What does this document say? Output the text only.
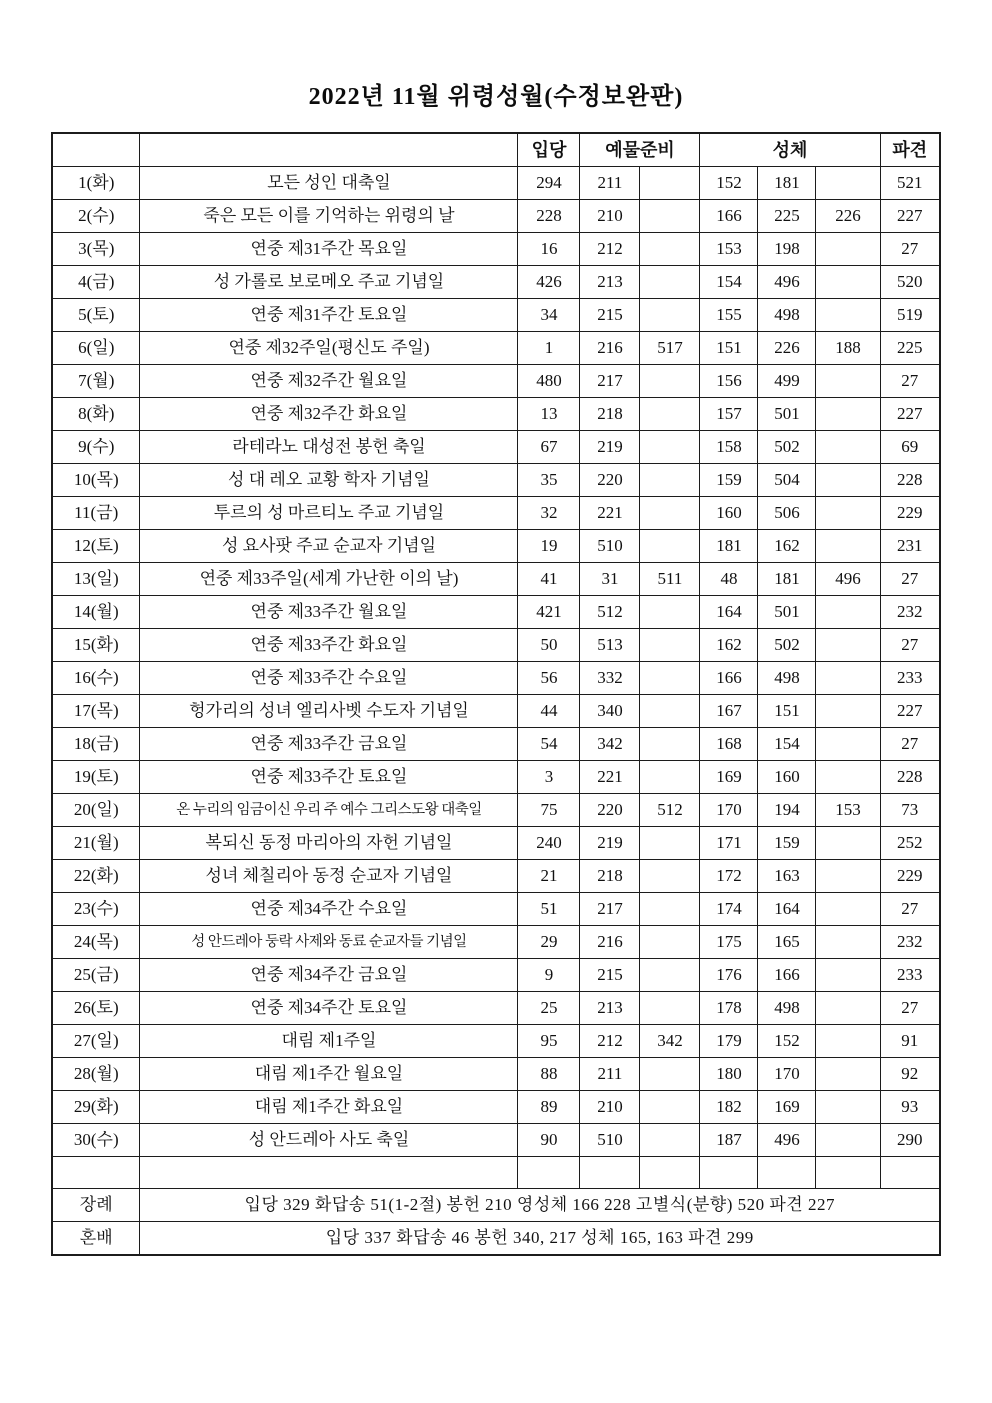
2022년 11월 위령성월(수정보완판)
		입당	예물준비		성체			파견
1(화)	모든 성인 대축일	294	211		152	181		521
2(수)	죽은 모든 이를 기억하는 위령의 날	228	210		166	225	226	227
3(목)	연중 제31주간 목요일	16	212		153	198		27
4(금)	성 가롤로 보로메오 주교 기념일	426	213		154	496		520
5(토)	연중 제31주간 토요일	34	215		155	498		519
6(일)	연중 제32주일(평신도 주일)	1	216	517	151	226	188	225
7(월)	연중 제32주간 월요일	480	217		156	499		27
8(화)	연중 제32주간 화요일	13	218		157	501		227
9(수)	라테라노 대성전 봉헌 축일	67	219		158	502		69
10(목)	성 대 레오 교황 학자 기념일	35	220		159	504		228
11(금)	투르의 성 마르티노 주교 기념일	32	221		160	506		229
12(토)	성 요사팟 주교 순교자 기념일	19	510		181	162		231
13(일)	연중 제33주일(세계 가난한 이의 날)	41	31	511	48	181	496	27
14(월)	연중 제33주간 월요일	421	512		164	501		232
15(화)	연중 제33주간 화요일	50	513		162	502		27
16(수)	연중 제33주간 수요일	56	332		166	498		233
17(목)	헝가리의 성녀 엘리사벳 수도자 기념일	44	340		167	151		227
18(금)	연중 제33주간 금요일	54	342		168	154		27
19(토)	연중 제33주간 토요일	3	221		169	160		228
20(일)	온 누리의 임금이신 우리 주 예수 그리스도왕 대축일	75	220	512	170	194	153	73
21(월)	복되신 동정 마리아의 자헌 기념일	240	219		171	159		252
22(화)	성녀 체칠리아 동정 순교자 기념일	21	218		172	163		229
23(수)	연중 제34주간 수요일	51	217		174	164		27
24(목)	성 안드레아 둥락 사제와 동료 순교자들 기념일	29	216		175	165		232
25(금)	연중 제34주간 금요일	9	215		176	166		233
26(토)	연중 제34주간 토요일	25	213		178	498		27
27(일)	대림 제1주일	95	212	342	179	152		91
28(월)	대림 제1주간 월요일	88	211		180	170		92
29(화)	대림 제1주간 화요일	89	210		182	169		93
30(수)	성 안드레아 사도 축일	90	510		187	496		290

장례	입당 329 화답송 51(1-2절) 봉헌 210 영성체 166 228 고별식(분향) 520 파견 227							
혼배	입당 337 화답송 46 봉헌 340, 217 성체 165, 163 파견 299							
